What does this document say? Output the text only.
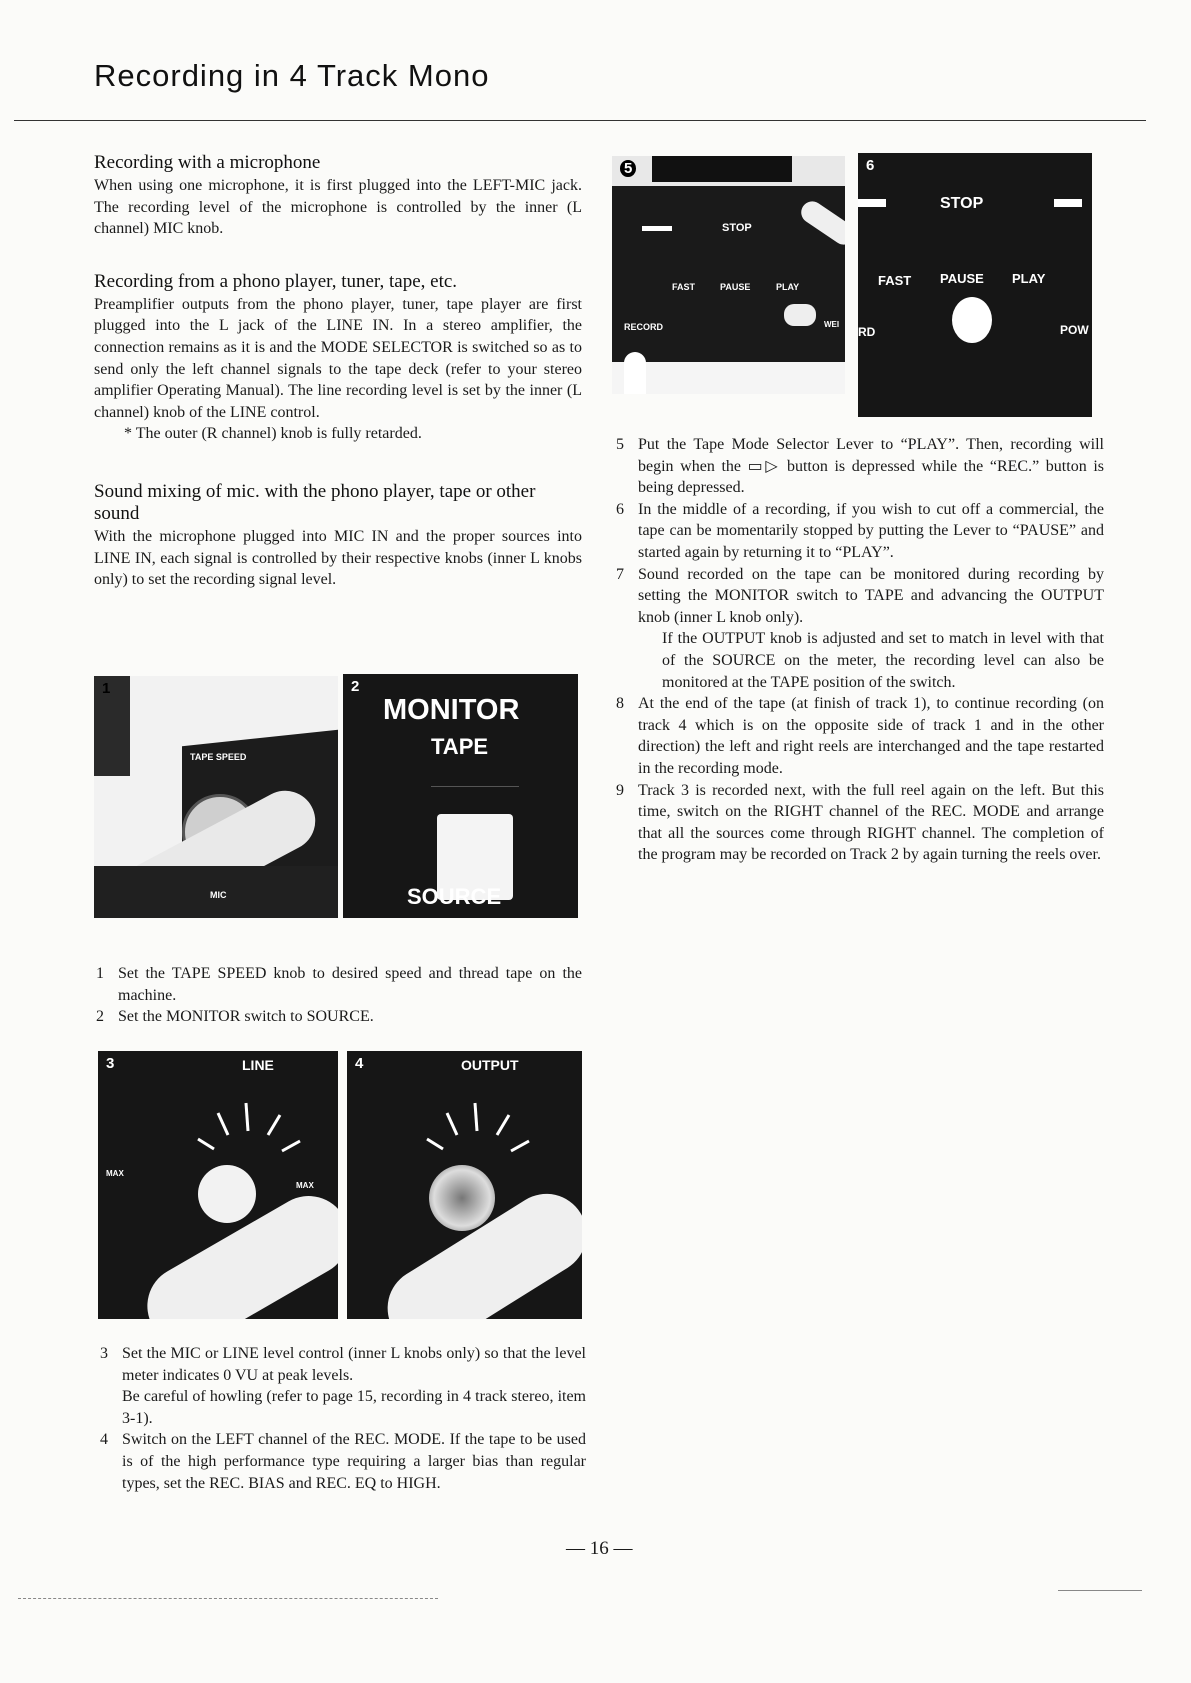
Recording in 4 Track Mono
Recording with a microphone

When using one microphone, it is first plugged into the LEFT-MIC jack. The recording level of the microphone is controlled by the inner (L channel) MIC knob.

Recording from a phono player, tuner, tape, etc.

Preamplifier outputs from the phono player, tuner, tape player are first plugged into the L jack of the LINE IN. In a stereo amplifier, the connection remains as it is and the MODE SELECTOR is switched so as to send only the left channel signals to the tape deck (refer to your stereo amplifier Operating Manual). The line recording level is set by the inner (L channel) knob of the LINE control.

* The outer (R channel) knob is fully retarded.

Sound mixing of mic. with the phono player, tape or other sound

With the microphone plugged into MIC IN and the proper sources into LINE IN, each signal is controlled by their respective knobs (inner L knobs only) to set the recording signal level.

TAPE SPEED
MIC
1	2
MONITOR
TAPE
SOURCE
1 Set the TAPE SPEED knob to desired speed and thread tape on the machine.
2 Set the MONITOR switch to SOURCE.
3	LINE
MAX
MAX
4	OUTPUT
3 Set the MIC or LINE level control (inner L knobs only) so that the level meter indicates 0 VU at peak levels.
Be careful of howling (refer to page 15, recording in 4 track stereo, item 3-1).
4 Switch on the LEFT channel of the REC. MODE. If the tape to be used is of the high performance type requiring a larger bias than regular types, set the REC. BIAS and REC. EQ to HIGH.
5
STOP
FAST	PAUSE	PLAY
RECORD	WEI
6
STOP
FAST PAUSE PLAY
RD	POW
5 Put the Tape Mode Selector Lever to “PLAY”. Then, recording will begin when the ▭▷ button is depressed while the “REC.” button is being depressed.
6 In the middle of a recording, if you wish to cut off a commercial, the tape can be momentarily stopped by putting the Lever to “PAUSE” and started again by returning it to “PLAY”.
7 Sound recorded on the tape can be monitored during recording by setting the MONITOR switch to TAPE and advancing the OUTPUT knob (inner L knob only).
If the OUTPUT knob is adjusted and set to match in level with that of the SOURCE on the meter, the recording level can also be monitored at the TAPE position of the switch.
8 At the end of the tape (at finish of track 1), to continue recording (on track 4 which is on the opposite side of track 1 and in the other direction) the left and right reels are interchanged and the tape restarted in the recording mode.
9 Track 3 is recorded next, with the full reel again on the left. But this time, switch on the RIGHT channel of the REC. MODE and arrange that all the sources come through RIGHT channel. The completion of the program may be recorded on Track 2 by again turning the reels over.
— 16 —
